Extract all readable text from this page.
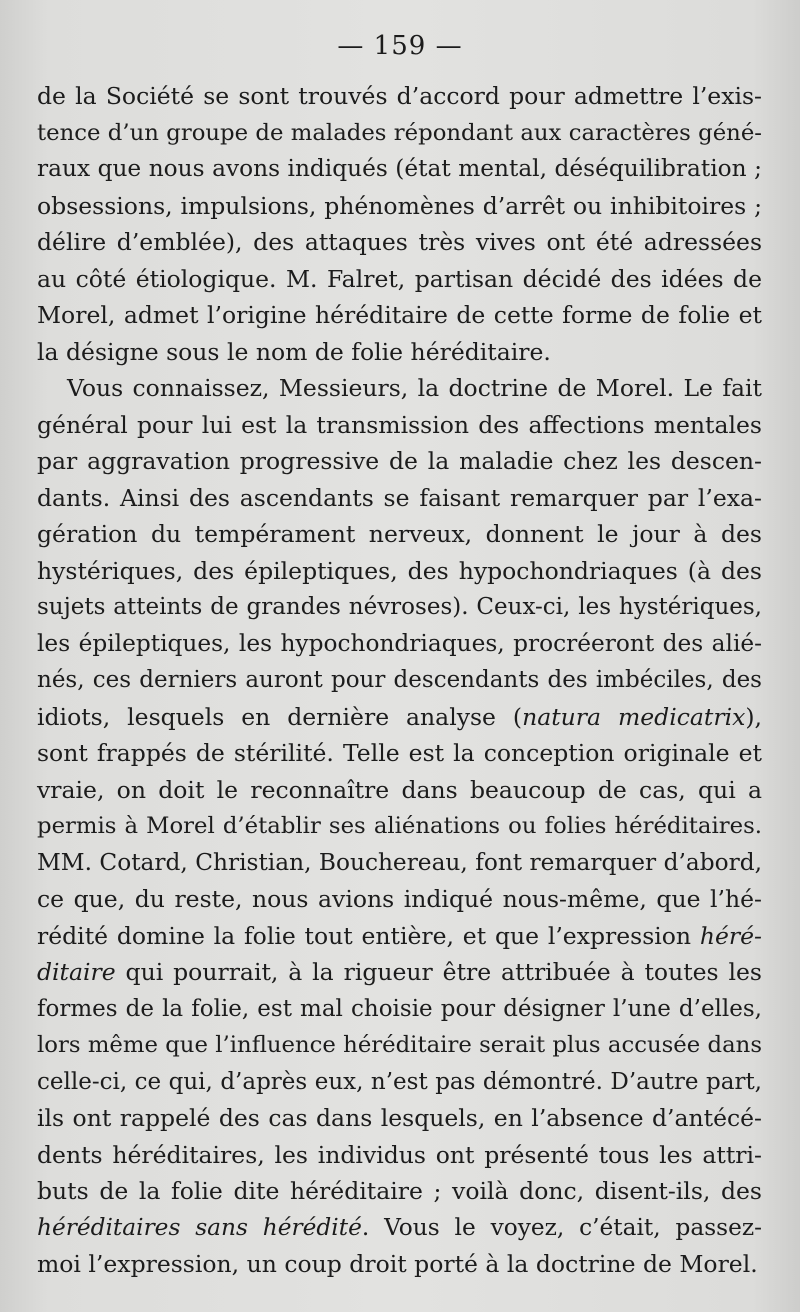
— 159 —
de la Société se sont trouvés d’accord pour admettre l’exis-
tence d’un groupe de malades répondant aux caractères géné-
raux que nous avons indiqués (état mental, déséquilibration ;
obsessions, impulsions, phénomènes d’arrêt ou inhibitoires ;
délire d’emblée), des attaques très vives ont été adressées
au côté étiologique. M. Falret, partisan décidé des idées de
Morel, admet l’origine héréditaire de cette forme de folie et
la désigne sous le nom de folie héréditaire.
Vous connaissez, Messieurs, la doctrine de Morel. Le fait
général pour lui est la transmission des affections mentales
par aggravation progressive de la maladie chez les descen-
dants. Ainsi des ascendants se faisant remarquer par l’exa-
gération du tempérament nerveux, donnent le jour à des
hystériques, des épileptiques, des hypochondriaques (à des
sujets atteints de grandes névroses). Ceux-ci, les hystériques,
les épileptiques, les hypochondriaques, procréeront des alié-
nés, ces derniers auront pour descendants des imbéciles, des
idiots, lesquels en dernière analyse (natura medicatrix),
sont frappés de stérilité. Telle est la conception originale et
vraie, on doit le reconnaître dans beaucoup de cas, qui a
permis à Morel d’établir ses aliénations ou folies héréditaires.
MM. Cotard, Christian, Bouchereau, font remarquer d’abord,
ce que, du reste, nous avions indiqué nous-même, que l’hé-
rédité domine la folie tout entière, et que l’expression héré-
ditaire qui pourrait, à la rigueur être attribuée à toutes les
formes de la folie, est mal choisie pour désigner l’une d’elles,
lors même que l’influence héréditaire serait plus accusée dans
celle-ci, ce qui, d’après eux, n’est pas démontré. D’autre part,
ils ont rappelé des cas dans lesquels, en l’absence d’antécé-
dents héréditaires, les individus ont présenté tous les attri-
buts de la folie dite héréditaire ; voilà donc, disent-ils, des
héréditaires sans hérédité. Vous le voyez, c’était, passez-
moi l’expression, un coup droit porté à la doctrine de Morel.
